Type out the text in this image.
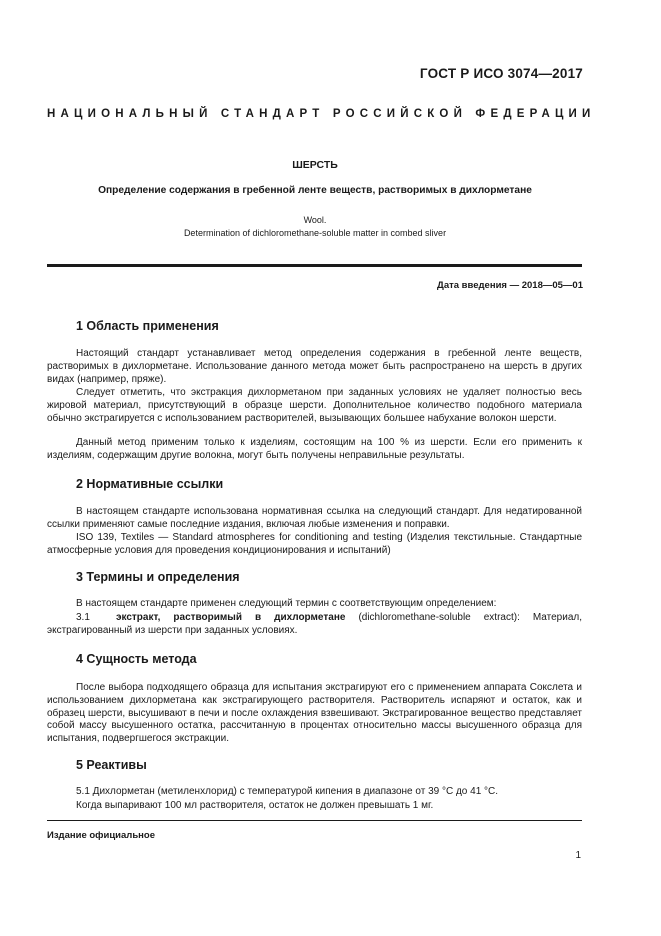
ГОСТ Р ИСО 3074—2017
НАЦИОНАЛЬНЫЙ СТАНДАРТ РОССИЙСКОЙ ФЕДЕРАЦИИ
ШЕРСТЬ
Определение содержания в гребенной ленте веществ, растворимых в дихлорметане
Wool.
Determination of dichloromethane-soluble matter in combed sliver
Дата введения — 2018—05—01
1 Область применения
Настоящий стандарт устанавливает метод определения содержания в гребенной ленте веществ, растворимых в дихлорметане. Использование данного метода может быть распространено на шерсть в других видах (например, пряже).
Следует отметить, что экстракция дихлорметаном при заданных условиях не удаляет полностью весь жировой материал, присутствующий в образце шерсти. Дополнительное количество подобного материала обычно экстрагируется с использованием растворителей, вызывающих большее набухание волокон шерсти.
Данный метод применим только к изделиям, состоящим на 100 % из шерсти. Если его применить к изделиям, содержащим другие волокна, могут быть получены неправильные результаты.
2 Нормативные ссылки
В настоящем стандарте использована нормативная ссылка на следующий стандарт. Для недатированной ссылки применяют самые последние издания, включая любые изменения и поправки.
ISO 139, Textiles — Standard atmospheres for conditioning and testing (Изделия текстильные. Стандартные атмосферные условия для проведения кондиционирования и испытаний)
3 Термины и определения
В настоящем стандарте применен следующий термин с соответствующим определением:
3.1	экстракт, растворимый в дихлорметане (dichloromethane-soluble extract): Материал, экстрагированный из шерсти при заданных условиях.
4 Сущность метода
После выбора подходящего образца для испытания экстрагируют его с применением аппарата Сокслета и использованием дихлорметана как экстрагирующего растворителя. Растворитель испаряют и остаток, как и образец шерсти, высушивают в печи и после охлаждения взвешивают. Экстрагированное вещество представляет собой массу высушенного остатка, рассчитанную в процентах относительно массы высушенного образца для испытания, подвергшегося экстракции.
5 Реактивы
5.1 Дихлорметан (метиленхлорид) с температурой кипения в диапазоне от 39 °С до 41 °С.
Когда выпаривают 100 мл растворителя, остаток не должен превышать 1 мг.
Издание официальное
1
